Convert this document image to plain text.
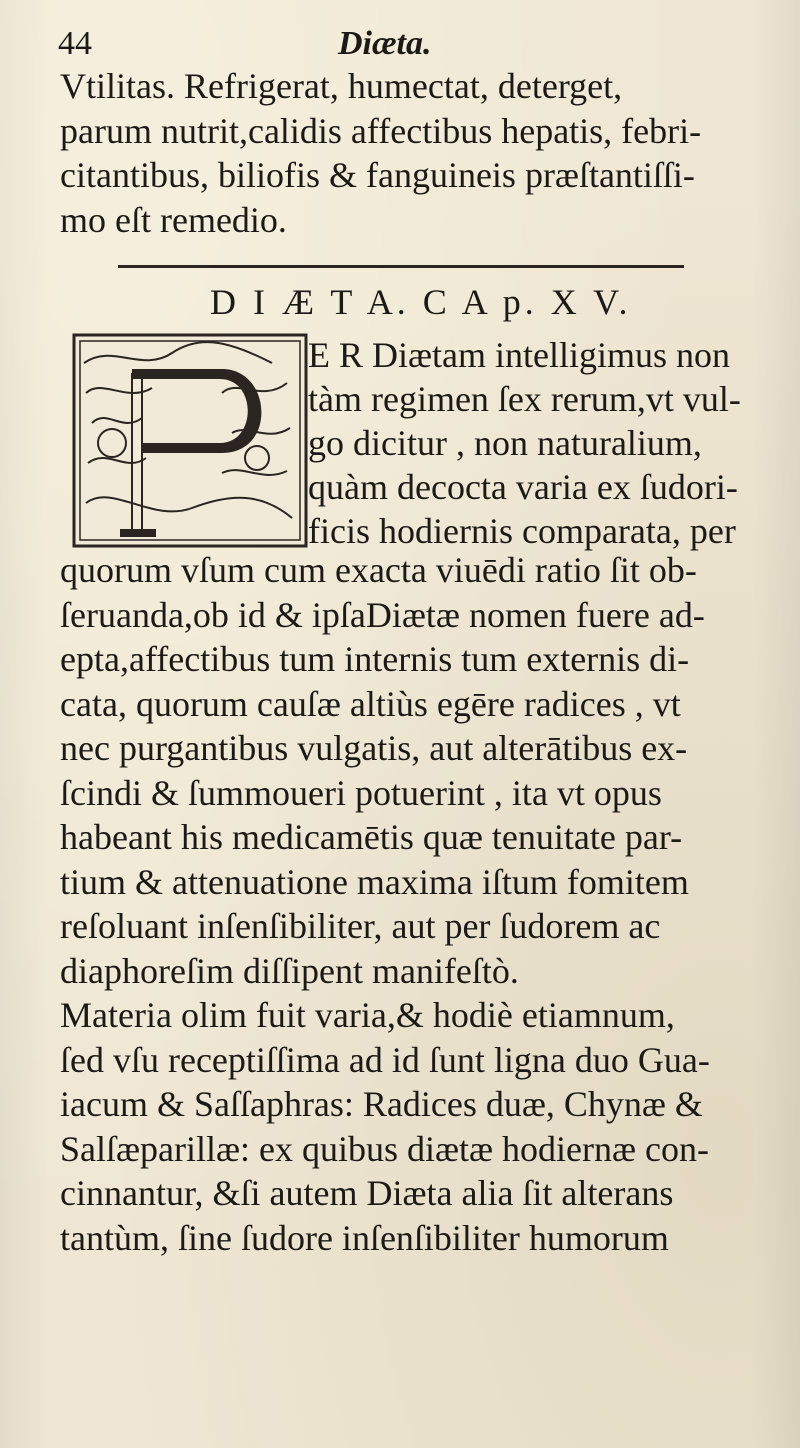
44	Diæta.
Vtilitas. Refrigerat, humectat, deterget,
parum nutrit,calidis affectibus hepatis, febri-
citantibus, biliofis & fanguineis præſtantiſſi-
mo eſt remedio.
D I Æ T A. C A p. X V.
E R Diætam intelligimus non
tàm regimen ſex rerum,vt vul-
go dicitur , non naturalium,
quàm decocta varia ex ſudori-
ficis hodiernis comparata, per
quorum vſum cum exacta viuēdi ratio ſit ob-
ſeruanda,ob id & ipſaDiætæ nomen fuere ad-
epta,affectibus tum internis tum externis di-
cata, quorum cauſæ altiùs egēre radices , vt
nec purgantibus vulgatis, aut alterātibus ex-
ſcindi & ſummoueri potuerint , ita vt opus
habeant his medicamētis quæ tenuitate par-
tium & attenuatione maxima iſtum fomitem
reſoluant inſenſibiliter, aut per ſudorem ac
diaphoreſim diſſipent manifeſtò.
Materia olim fuit varia,& hodiè etiamnum,
ſed vſu receptiſſima ad id ſunt ligna duo Gua-
iacum & Saſſaphras: Radices duæ, Chynæ &
Salſæparillæ: ex quibus diætæ hodiernæ con-
cinnantur, &ſi autem Diæta alia ſit alterans
tantùm, ſine ſudore inſenſibiliter humorum
